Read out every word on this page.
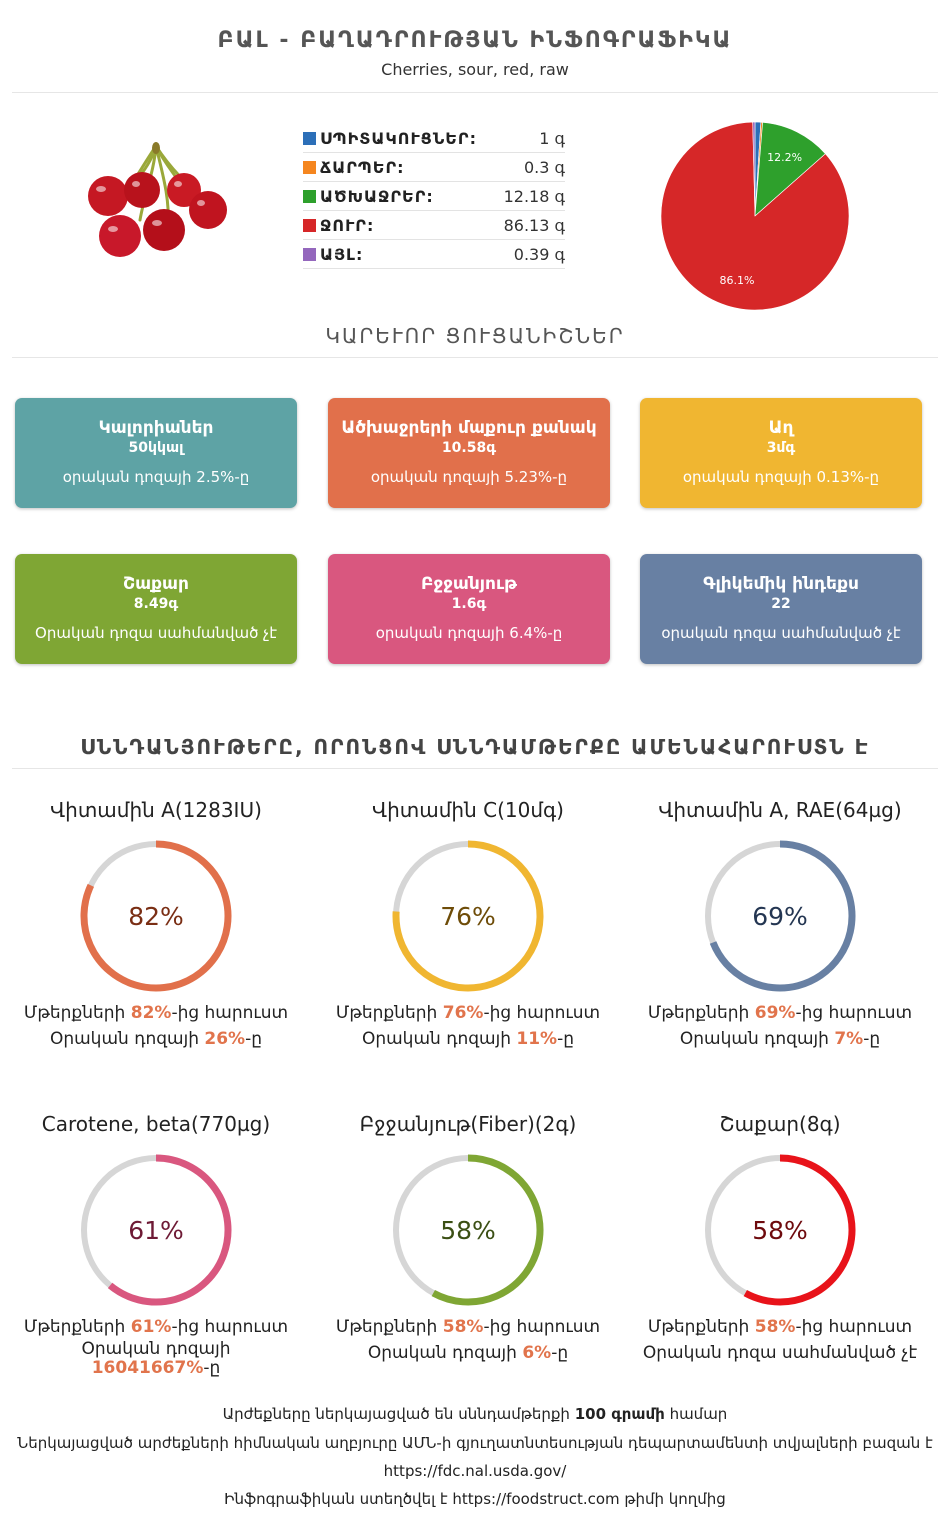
ԲԱԼ - ԲԱՂԱԴՐՈՒԹՅԱՆ ԻՆՖՈԳՐԱՖԻԿԱ
Cherries, sour, red, raw
ՍՊԻՏԱԿՈՒՑՆԵՐ:	1 գ
ՃԱՐՊԵՐ:	0.3 գ
ԱԾԽԱՋՐԵՐ:	12.18 գ
ՋՈՒՐ:	86.13 գ
ԱՅԼ:	0.39 գ
12.2%
86.1%
ԿԱՐԵՒՈՐ ՑՈՒՑԱՆԻՇՆԵՐ
Կալորիաներ
50կկալ
օրական դոզայի 2.5%-ը
Ածխաջրերի մաքուր քանակ
10.58գ
օրական դոզայի 5.23%-ը
Աղ
3մգ
օրական դոզայի 0.13%-ը
Շաքար
8.49գ
Օրական դոզա սահմանված չէ
Բջջանյութ
1.6գ
օրական դոզայի 6.4%-ը
Գլիկեմիկ ինդեքս
22
օրական դոզա սահմանված չէ
ՍՆՆԴԱՆՅՈՒԹԵՐԸ, ՈՐՈՆՑՈՎ ՍՆՆԴԱՄԹԵՐՔԸ ԱՄԵՆԱՀԱՐՈՒՍՏՆ Է
Վիտամին A(1283IU)
82%
Մթերքների 82%-ից հարուստ
Օրական դոզայի 26%-ը
Վիտամին C(10մգ)
76%
Մթերքների 76%-ից հարուստ
Օրական դոզայի 11%-ը
Վիտամին A, RAE(64µg)
69%
Մթերքների 69%-ից հարուստ
Օրական դոզայի 7%-ը
Carotene, beta(770µg)
61%
Մթերքների 61%-ից հարուստ
Օրական դոզայի 16041667%-ը
Բջջանյութ(Fiber)(2գ)
58%
Մթերքների 58%-ից հարուստ
Օրական դոզայի 6%-ը
Շաքար(8գ)
58%
Մթերքների 58%-ից հարուստ
Օրական դոզա սահմանված չէ
Արժեքները ներկայացված են սննդամթերքի 100 գրամի համար
Ներկայացված արժեքների հիմնական աղբյուրը ԱՄՆ-ի գյուղատնտեսության դեպարտամենտի տվյալների բազան է
https://fdc.nal.usda.gov/
Ինֆոգրաֆիկան ստեղծվել է https://foodstruct.com թիմի կողմից
